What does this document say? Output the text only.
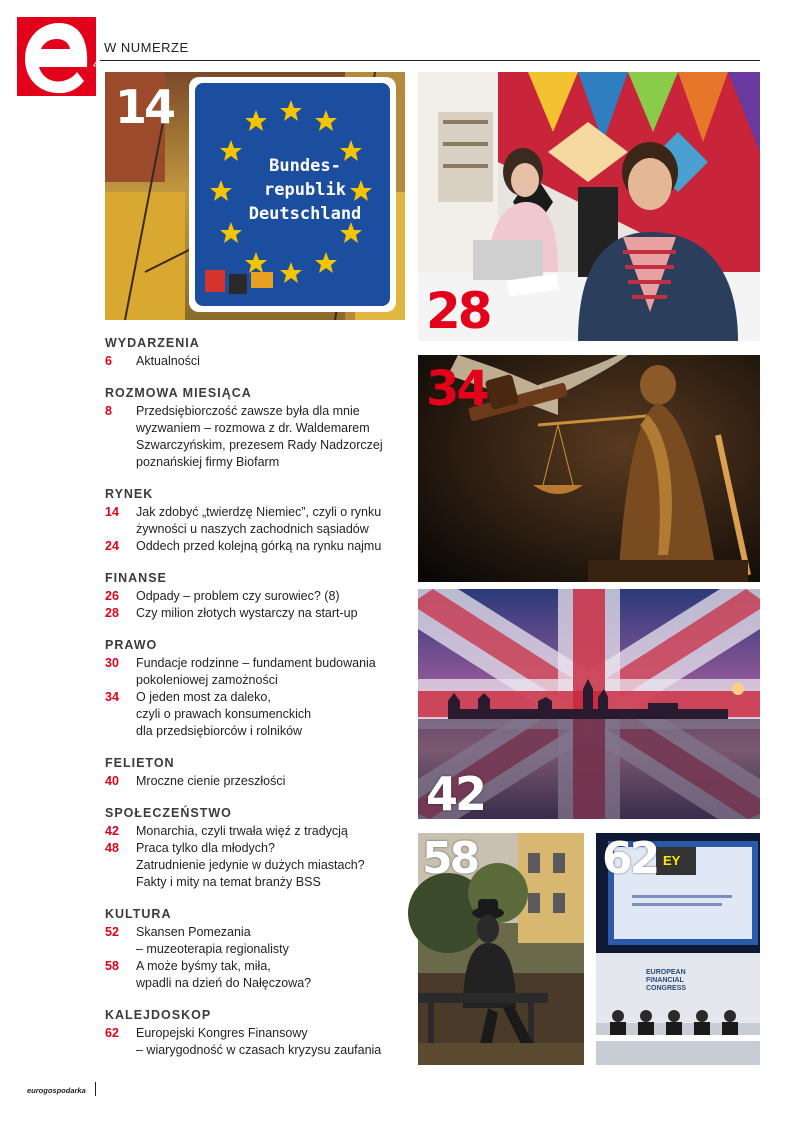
4
W NUMERZE
Bundes-
republik
Deutschland
14
28
34
42
58	EY
EUROPEAN
FINANCIAL
CONGRESS
62
WYDARZENIA
6	Aktualności
ROZMOWA MIESIĄCA
8	Przedsiębiorczość zawsze była dla mnie
wyzwaniem – rozmowa z dr. Waldemarem
Szwarczyńskim, prezesem Rady Nadzorczej
poznańskiej firmy Biofarm
RYNEK
14	Jak zdobyć „twierdzę Niemiec”, czyli o rynku
żywności u naszych zachodnich sąsiadów
24	Oddech przed kolejną górką na rynku najmu
FINANSE
26	Odpady – problem czy surowiec? (8)
28	Czy milion złotych wystarczy na start-up
PRAWO
30	Fundacje rodzinne – fundament budowania
pokoleniowej zamożności
34	O jeden most za daleko,
czyli o prawach konsumenckich
dla przedsiębiorców i rolników
FELIETON
40	Mroczne cienie przeszłości
SPOŁECZEŃSTWO
42	Monarchia, czyli trwała więź z tradycją
48	Praca tylko dla młodych?
Zatrudnienie jedynie w dużych miastach?
Fakty i mity na temat branży BSS
KULTURA
52	Skansen Pomezania
– muzeoterapia regionalisty
58	A może byśmy tak, miła,
wpadli na dzień do Nałęczowa?
KALEJDOSKOP
62	Europejski Kongres Finansowy
– wiarygodność w czasach kryzysu zaufania
eurogospodarka
